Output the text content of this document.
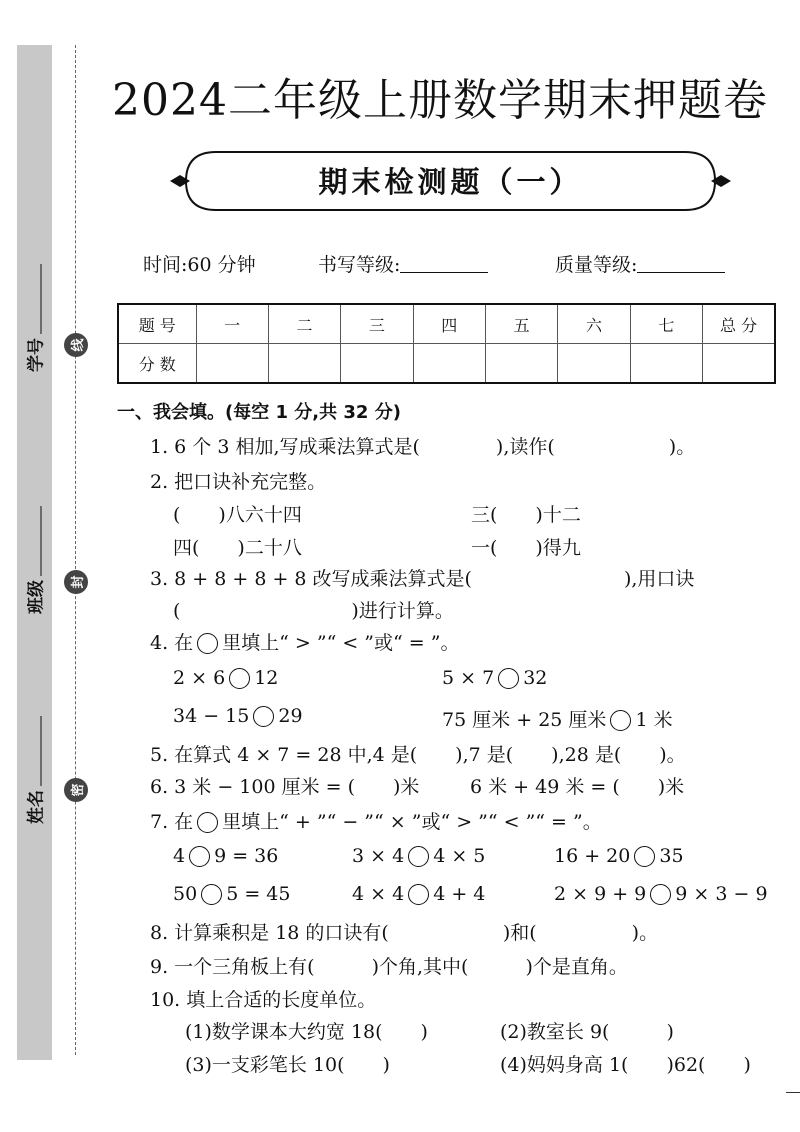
学号
班级
姓名
线
封
密
2024二年级上册数学期末押题卷
期末检测题（一）
时间:60 分钟	书写等级:	质量等级:
题 号	一	二	三	四	五	六	七	总 分
分 数								
一、我会填。(每空 1 分,共 32 分)
1. 6 个 3 相加,写成乘法算式是(　　　　),读作(　　　　　　)。
2. 把口诀补充完整。
(　　)八六十四	三(　　)十二
四(　　)二十八	一(　　)得九
3. 8 + 8 + 8 + 8 改写成乘法算式是(　　　　　　　　),用口诀
(　　　　　　　　　)进行计算。
4. 在 里填上“ > ”“ < ”或“ = ”。
2 × 6 12	5 × 7 32
34 − 15 29	75 厘米 + 25 厘米 1 米
5. 在算式 4 × 7 = 28 中,4 是(　　),7 是(　　),28 是(　　)。
6. 3 米 − 100 厘米 = (　　)米	6 米 + 49 米 = (　　)米
7. 在 里填上“ + ”“ − ”“ × ”或“ > ”“ < ”“ = ”。
4 9 = 36	3 × 4 4 × 5	16 + 20 35
50 5 = 45	4 × 4 4 + 4	2 × 9 + 9 9 × 3 − 9
8. 计算乘积是 18 的口诀有(　　　　　　)和(　　　　　)。
9. 一个三角板上有(　　　)个角,其中(　　　)个是直角。
10. 填上合适的长度单位。
(1)数学课本大约宽 18(　　)	(2)教室长 9(　　　)
(3)一支彩笔长 10(　　)	(4)妈妈身高 1(　　)62(　　)
